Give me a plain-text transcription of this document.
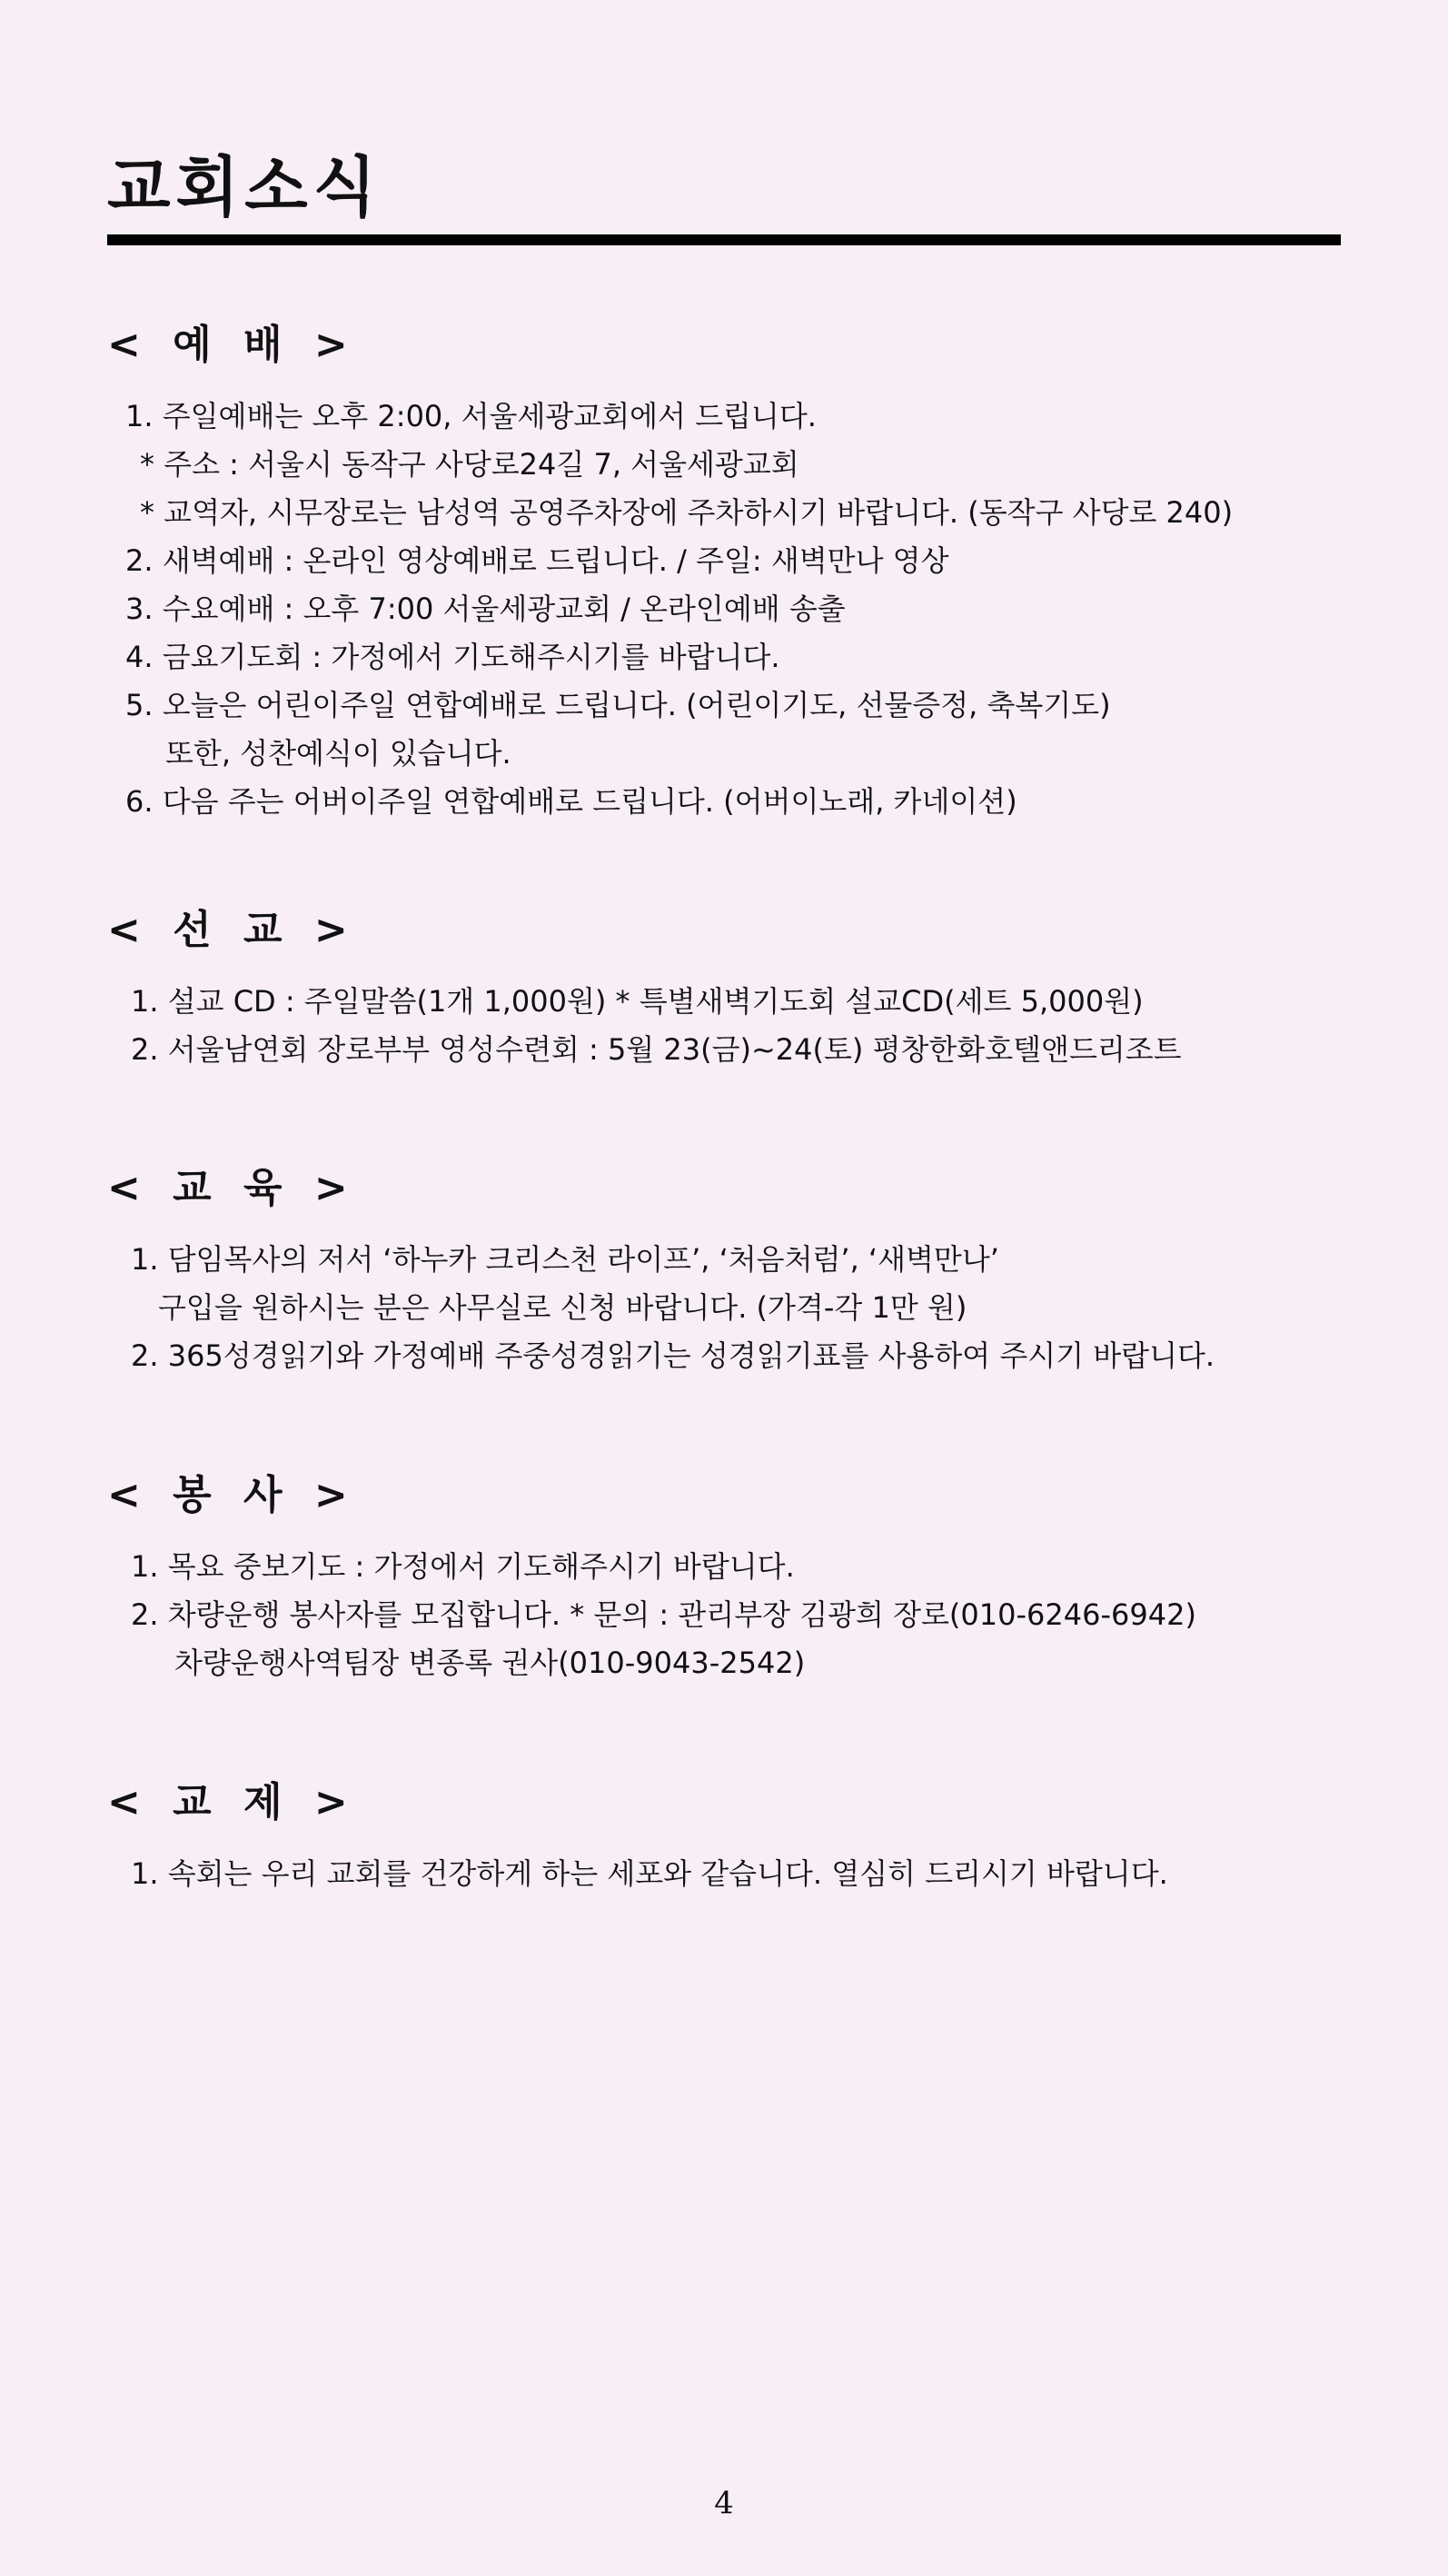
교회소식
< 예 배 >
1. 주일예배는 오후 2:00, 서울세광교회에서 드립니다.
* 주소 : 서울시 동작구 사당로24길 7, 서울세광교회
* 교역자, 시무장로는 남성역 공영주차장에 주차하시기 바랍니다. (동작구 사당로 240)
2. 새벽예배 : 온라인 영상예배로 드립니다. / 주일: 새벽만나 영상
3. 수요예배 : 오후 7:00 서울세광교회 / 온라인예배 송출
4. 금요기도회 : 가정에서 기도해주시기를 바랍니다.
5. 오늘은 어린이주일 연합예배로 드립니다. (어린이기도, 선물증정, 축복기도)
또한, 성찬예식이 있습니다.
6. 다음 주는 어버이주일 연합예배로 드립니다. (어버이노래, 카네이션)
< 선 교 >
1. 설교 CD : 주일말씀(1개 1,000원) * 특별새벽기도회 설교CD(세트 5,000원)
2. 서울남연회 장로부부 영성수련회 : 5월 23(금)~24(토) 평창한화호텔앤드리조트
< 교 육 >
1. 담임목사의 저서 ‘하누카 크리스천 라이프’, ‘처음처럼’, ‘새벽만나’
구입을 원하시는 분은 사무실로 신청 바랍니다. (가격-각 1만 원)
2. 365성경읽기와 가정예배 주중성경읽기는 성경읽기표를 사용하여 주시기 바랍니다.
< 봉 사 >
1. 목요 중보기도 : 가정에서 기도해주시기 바랍니다.
2. 차량운행 봉사자를 모집합니다. * 문의 : 관리부장 김광희 장로(010-6246-6942)
차량운행사역팀장 변종록 권사(010-9043-2542)
< 교 제 >
1. 속회는 우리 교회를 건강하게 하는 세포와 같습니다. 열심히 드리시기 바랍니다.
4
